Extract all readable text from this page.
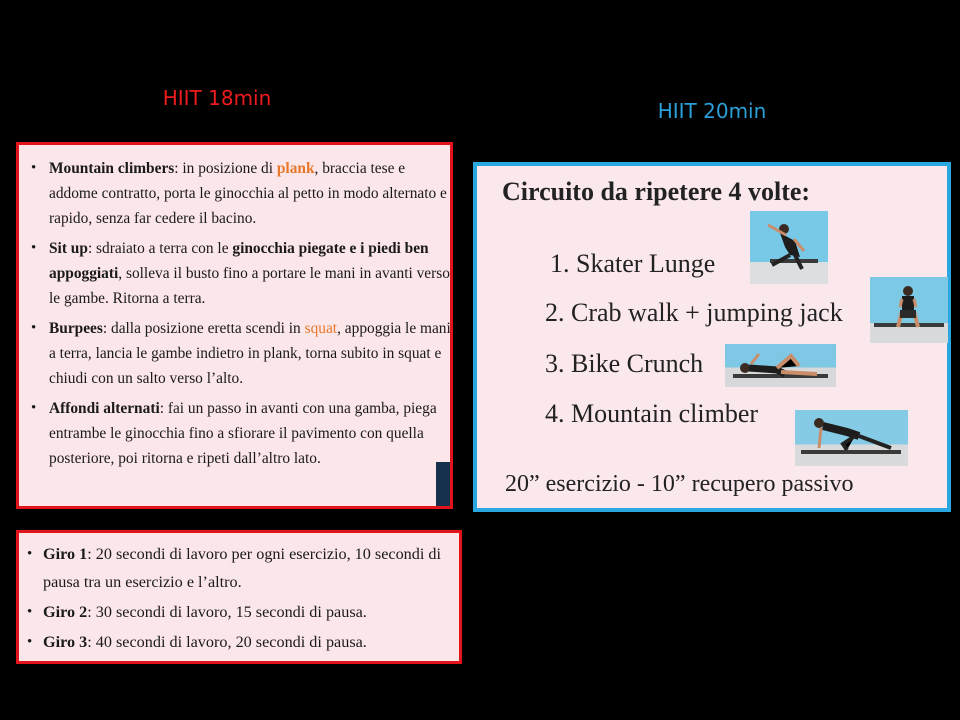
HIIT 18min
HIIT 20min
• Mountain climbers: in posizione di plank, braccia tese e addome contratto, porta le ginocchia al petto in modo alternato e rapido, senza far cedere il bacino.
• Sit up: sdraiato a terra con le ginocchia piegate e i piedi ben appoggiati, solleva il busto fino a portare le mani in avanti verso le gambe. Ritorna a terra.
• Burpees: dalla posizione eretta scendi in squat, appoggia le mani a terra, lancia le gambe indietro in plank, torna subito in squat e chiudi con un salto verso l’alto.
• Affondi alternati: fai un passo in avanti con una gamba, piega entrambe le ginocchia fino a sfiorare il pavimento con quella posteriore, poi ritorna e ripeti dall’altro lato.
• Giro 1: 20 secondi di lavoro per ogni esercizio, 10 secondi di pausa tra un esercizio e l’altro.
• Giro 2: 30 secondi di lavoro, 15 secondi di pausa.
• Giro 3: 40 secondi di lavoro, 20 secondi di pausa.
Circuito da ripetere 4 volte:
1. Skater Lunge
2. Crab walk + jumping jack
3. Bike Crunch
4. Mountain climber
20” esercizio - 10” recupero passivo
